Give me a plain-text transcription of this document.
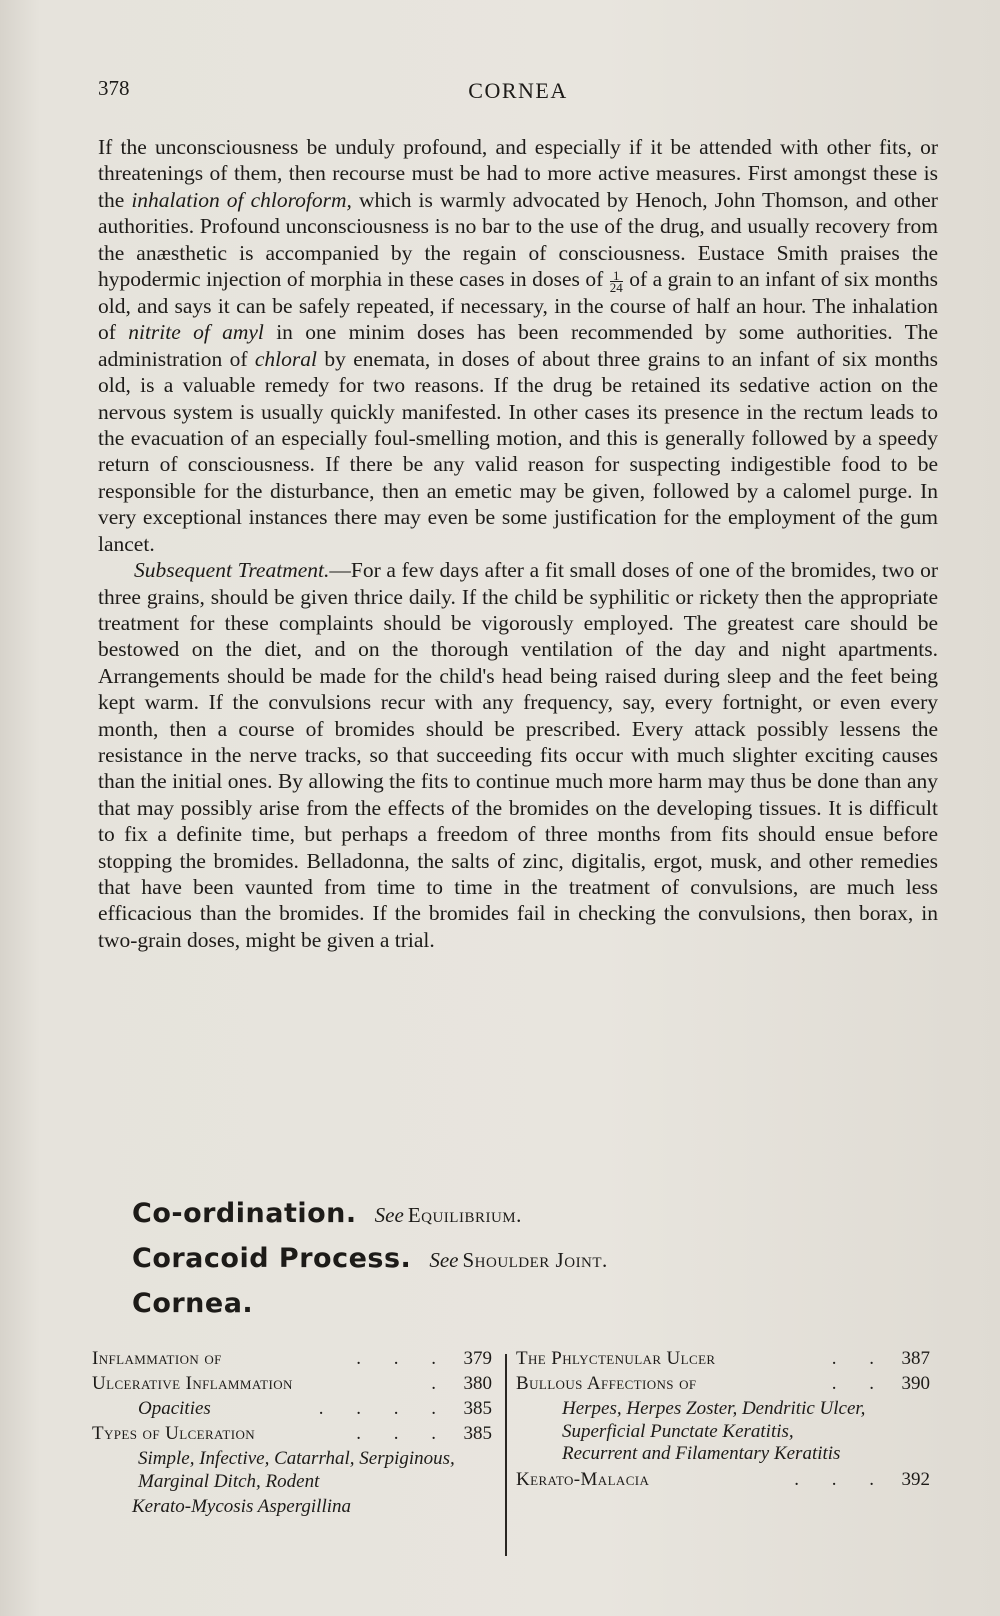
378	CORNEA

If the unconsciousness be unduly profound, and especially if it be attended with other fits, or threatenings of them, then recourse must be had to more active measures. First amongst these is the inhalation of chloroform, which is warmly advocated by Henoch, John Thomson, and other authorities. Profound unconsciousness is no bar to the use of the drug, and usually recovery from the anæsthetic is accompanied by the regain of consciousness. Eustace Smith praises the hypodermic injection of morphia in these cases in doses of $\frac{1}{24}$ of a grain to an infant of six months old, and says it can be safely repeated, if necessary, in the course of half an hour. The inhalation of nitrite of amyl in one minim doses has been recommended by some authorities. The administration of chloral by enemata, in doses of about three grains to an infant of six months old, is a valuable remedy for two reasons. If the drug be retained its sedative action on the nervous system is usually quickly manifested. In other cases its presence in the rectum leads to the evacuation of an especially foul-smelling motion, and this is generally followed by a speedy return of consciousness. If there be any valid reason for suspecting indigestible food to be responsible for the disturbance, then an emetic may be given, followed by a calomel purge. In very exceptional instances there may even be some justification for the employment of the gum lancet.

Subsequent Treatment.—For a few days after a fit small doses of one of the bromides, two or three grains, should be given thrice daily. If the child be syphilitic or rickety then the appropriate treatment for these complaints should be vigorously employed. The greatest care should be bestowed on the diet, and on the thorough ventilation of the day and night apartments. Arrangements should be made for the child's head being raised during sleep and the feet being kept warm. If the convulsions recur with any frequency, say, every fortnight, or even every month, then a course of bromides should be prescribed. Every attack possibly lessens the resistance in the nerve tracks, so that succeeding fits occur with much slighter exciting causes than the initial ones. By allowing the fits to continue much more harm may thus be done than any that may possibly arise from the effects of the bromides on the developing tissues. It is difficult to fix a definite time, but perhaps a freedom of three months from fits should ensue before stopping the bromides. Belladonna, the salts of zinc, digitalis, ergot, musk, and other remedies that have been vaunted from time to time in the treatment of convulsions, are much less efficacious than the bromides. If the bromides fail in checking the convulsions, then borax, in two-grain doses, might be given a trial.

Co-ordination. See Equilibrium.
Coracoid Process. See Shoulder Joint.
Cornea.
Inflammation of	. . . 379
Ulcerative Inflammation	. 380
Opacities	. . . . 385
Types of Ulceration	. . . 385
Simple, Infective, Catarrhal, Serpiginous, Marginal Ditch, Rodent
Kerato-Mycosis Aspergillina
The Phlyctenular Ulcer	. . 387
Bullous Affections of	. . 390
Herpes, Herpes Zoster, Dendritic Ulcer, Superficial Punctate Keratitis, Recurrent and Filamentary Keratitis
Kerato-Malacia	. . . 392
